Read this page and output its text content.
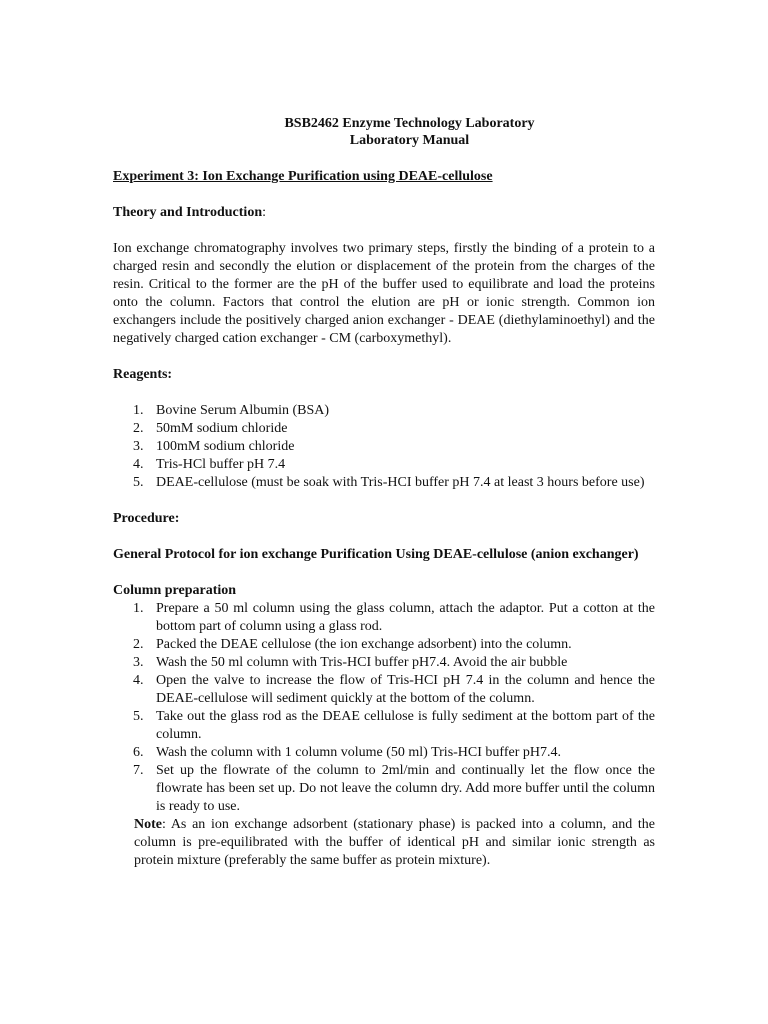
BSB2462 Enzyme Technology Laboratory
Laboratory Manual
Experiment 3: Ion Exchange Purification using DEAE-cellulose
Theory and Introduction:
Ion exchange chromatography involves two primary steps, firstly the binding of a protein to a charged resin and secondly the elution or displacement of the protein from the charges of the resin. Critical to the former are the pH of the buffer used to equilibrate and load the proteins onto the column. Factors that control the elution are pH or ionic strength. Common ion exchangers include the positively charged anion exchanger - DEAE (diethylaminoethyl) and the negatively charged cation exchanger - CM (carboxymethyl).
Reagents:
1. Bovine Serum Albumin (BSA)
2. 50mM sodium chloride
3. 100mM sodium chloride
4. Tris-HCl buffer pH 7.4
5. DEAE-cellulose (must be soak with Tris-HCI buffer pH 7.4 at least 3 hours before use)
Procedure:
General Protocol for ion exchange Purification Using DEAE-cellulose (anion exchanger)
Column preparation
1. Prepare a 50 ml column using the glass column, attach the adaptor. Put a cotton at the bottom part of column using a glass rod.
2. Packed the DEAE cellulose (the ion exchange adsorbent) into the column.
3. Wash the 50 ml column with Tris-HCI buffer pH7.4. Avoid the air bubble
4. Open the valve to increase the flow of Tris-HCI pH 7.4 in the column and hence the DEAE-cellulose will sediment quickly at the bottom of the column.
5. Take out the glass rod as the DEAE cellulose is fully sediment at the bottom part of the column.
6. Wash the column with 1 column volume (50 ml) Tris-HCI buffer pH7.4.
7. Set up the flowrate of the column to 2ml/min and continually let the flow once the flowrate has been set up. Do not leave the column dry. Add more buffer until the column is ready to use.
Note: As an ion exchange adsorbent (stationary phase) is packed into a column, and the column is pre-equilibrated with the buffer of identical pH and similar ionic strength as protein mixture (preferably the same buffer as protein mixture).
